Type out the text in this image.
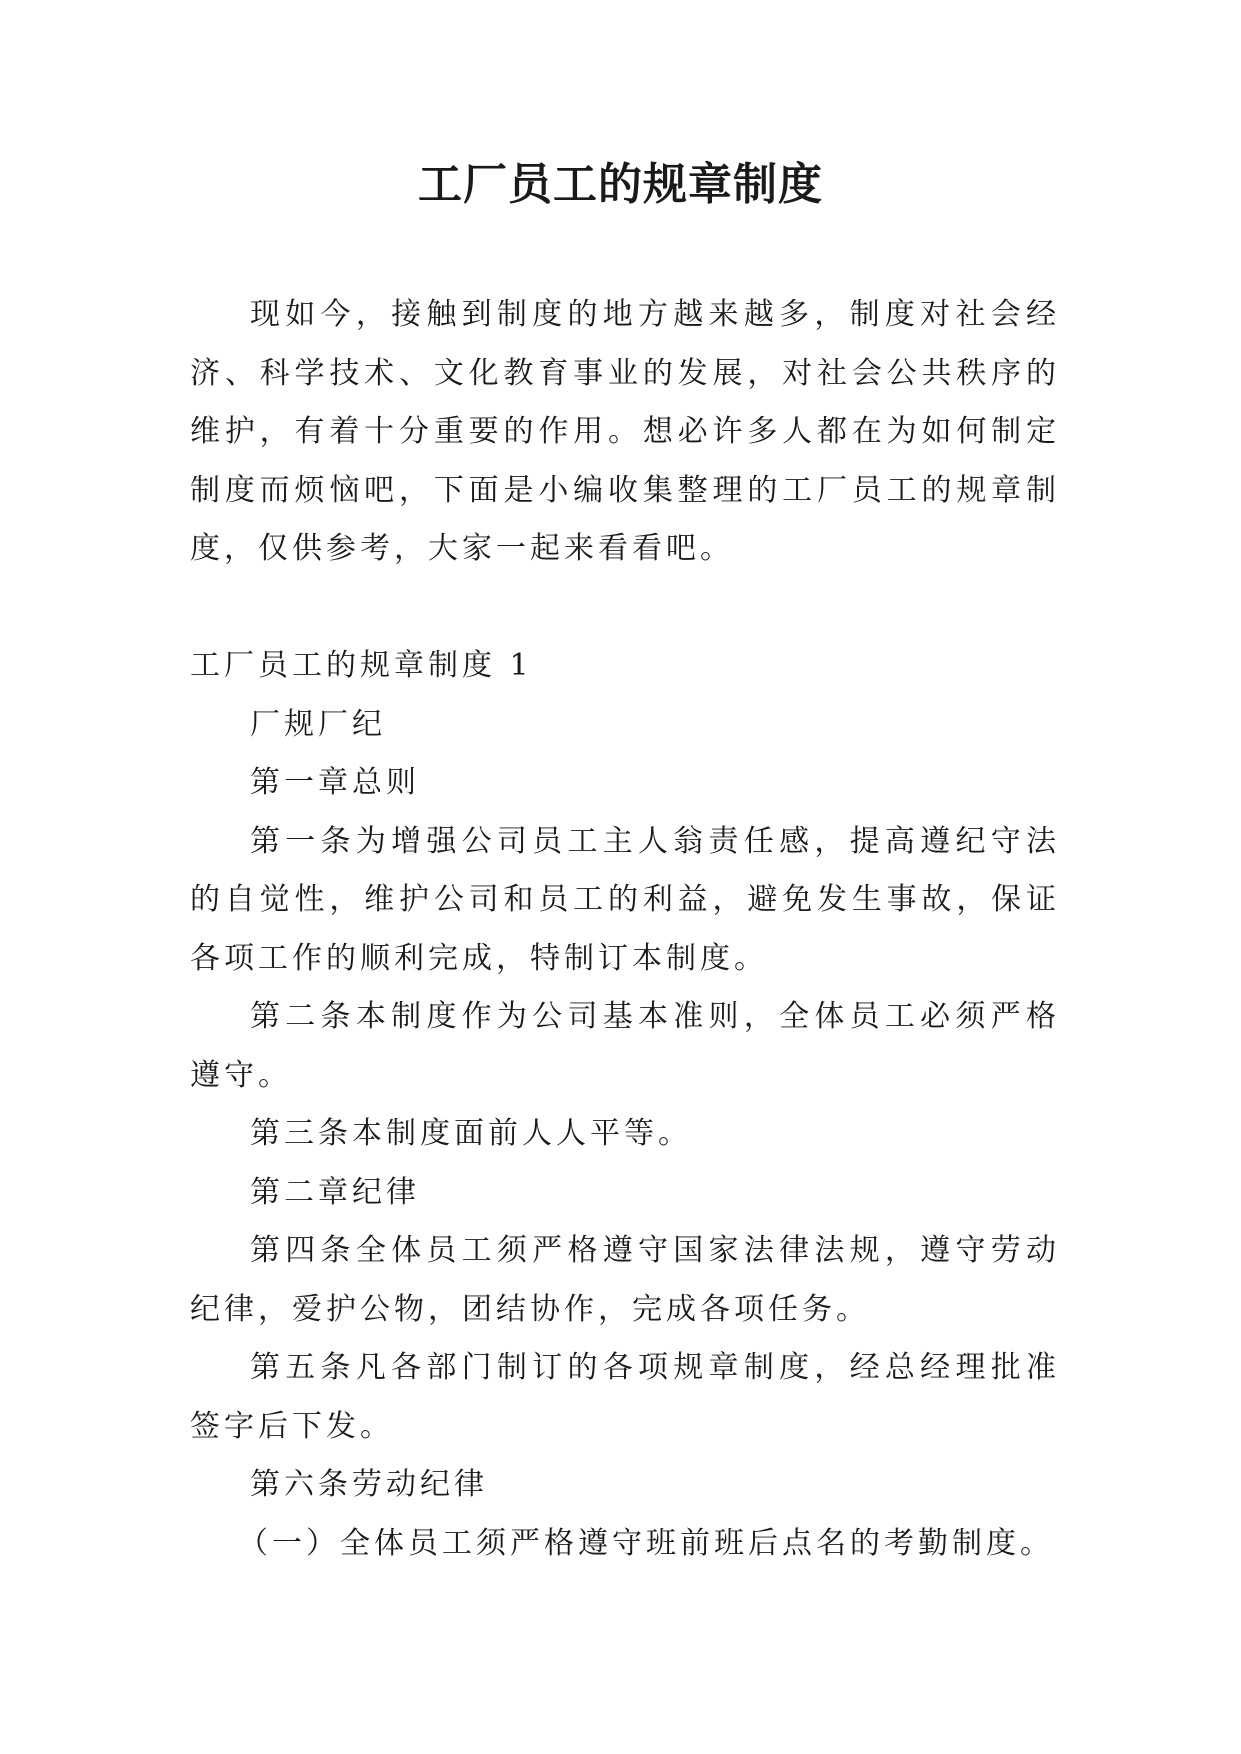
工厂员工的规章制度

现如今，接触到制度的地方越来越多，制度对社会经济、科学技术、文化教育事业的发展，对社会公共秩序的维护，有着十分重要的作用。想必许多人都在为如何制定制度而烦恼吧，下面是小编收集整理的工厂员工的规章制度，仅供参考，大家一起来看看吧。

工厂员工的规章制度 1

厂规厂纪

第一章总则

第一条为增强公司员工主人翁责任感，提高遵纪守法的自觉性，维护公司和员工的利益，避免发生事故，保证各项工作的顺利完成，特制订本制度。

第二条本制度作为公司基本准则，全体员工必须严格遵守。

第三条本制度面前人人平等。

第二章纪律

第四条全体员工须严格遵守国家法律法规，遵守劳动纪律，爱护公物，团结协作，完成各项任务。

第五条凡各部门制订的各项规章制度，经总经理批准签字后下发。

第六条劳动纪律

（一）全体员工须严格遵守班前班后点名的考勤制度。
